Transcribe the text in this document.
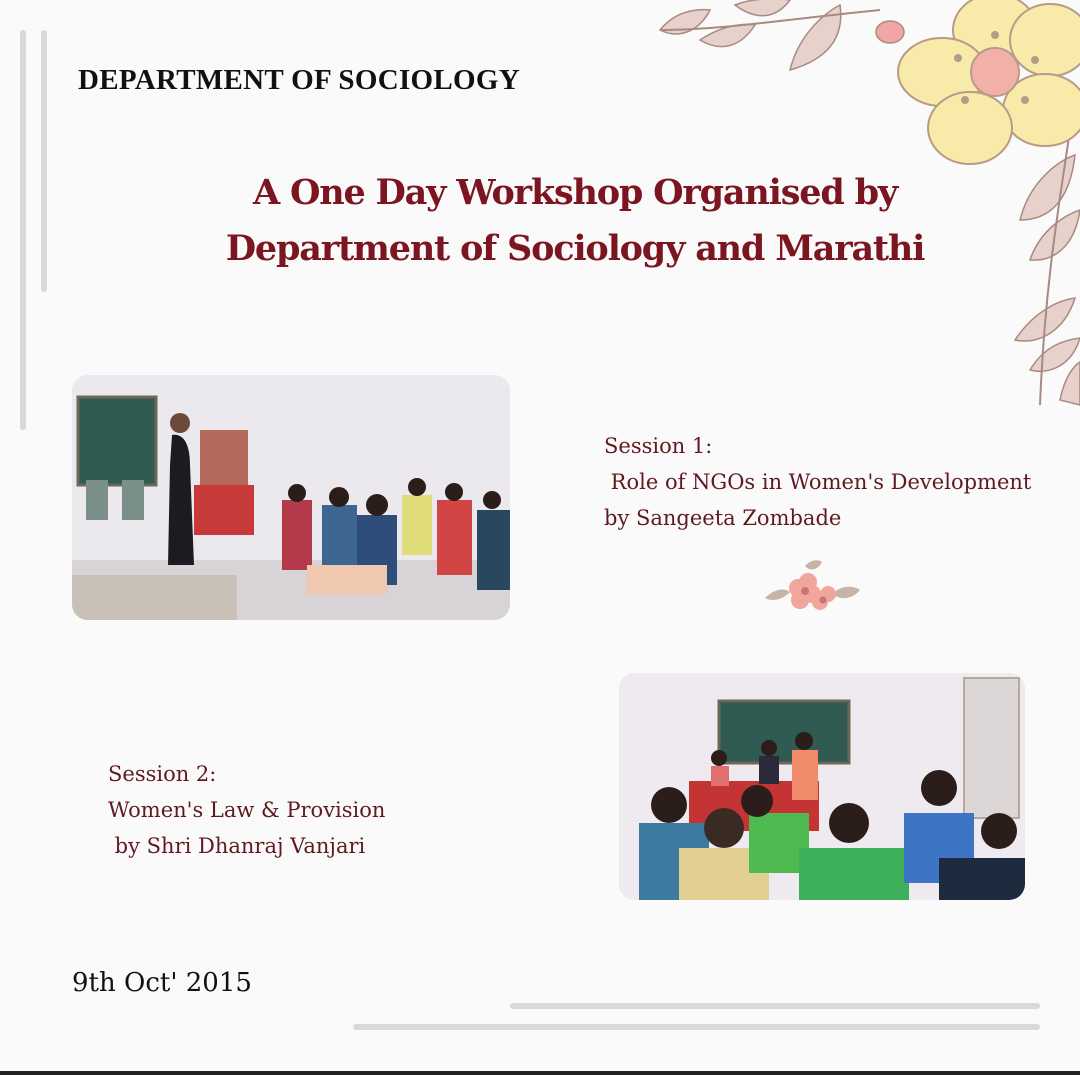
DEPARTMENT OF SOCIOLOGY
A One Day Workshop Organised by
Department of Sociology and Marathi
Session 1:
Role of NGOs in Women's Development
by Sangeeta Zombade
Session 2:
Women's Law & Provision
by Shri Dhanraj Vanjari
9th Oct' 2015
